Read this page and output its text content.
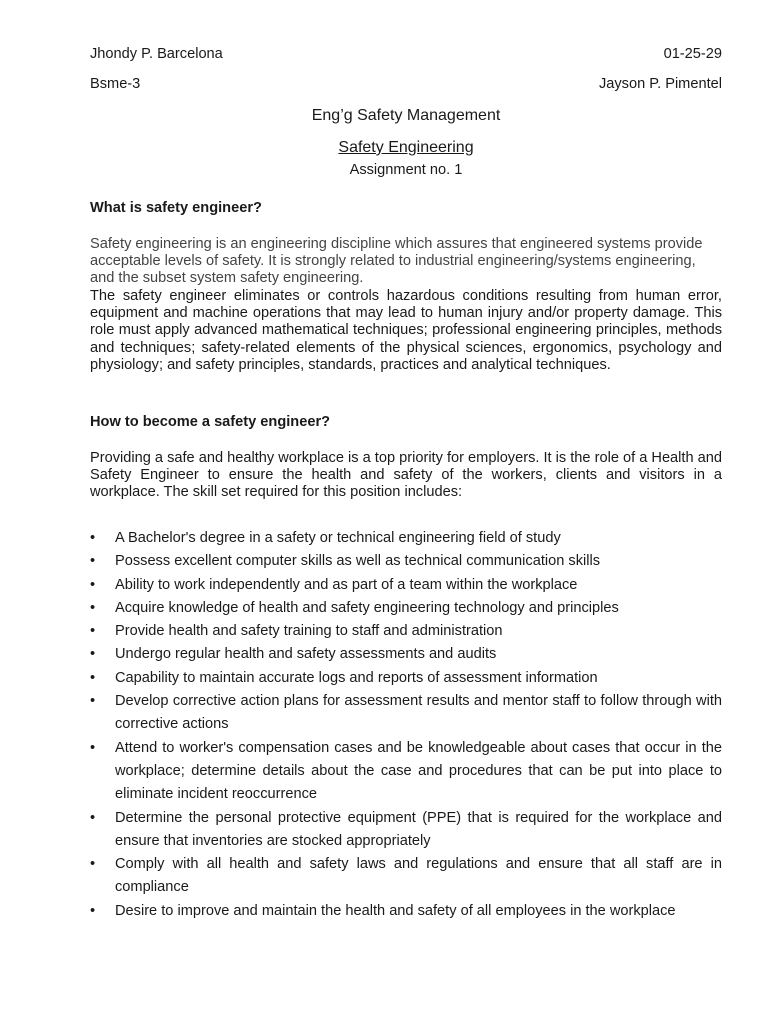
Jhondy P. Barcelona	01-25-29
Bsme-3	Jayson P. Pimentel
Eng’g Safety Management
Safety Engineering
Assignment no. 1
What is safety engineer?

Safety engineering is an engineering discipline which assures that engineered systems provide acceptable levels of safety. It is strongly related to industrial engineering/systems engineering, and the subset system safety engineering.

The safety engineer eliminates or controls hazardous conditions resulting from human error, equipment and machine operations that may lead to human injury and/or property damage. This role must apply advanced mathematical techniques; professional engineering principles, methods and techniques; safety-related elements of the physical sciences, ergonomics, psychology and physiology; and safety principles, standards, practices and analytical techniques.

How to become a safety engineer?

Providing a safe and healthy workplace is a top priority for employers. It is the role of a Health and Safety Engineer to ensure the health and safety of the workers, clients and visitors in a workplace. The skill set required for this position includes:

• A Bachelor's degree in a safety or technical engineering field of study
• Possess excellent computer skills as well as technical communication skills
• Ability to work independently and as part of a team within the workplace
• Acquire knowledge of health and safety engineering technology and principles
• Provide health and safety training to staff and administration
• Undergo regular health and safety assessments and audits
• Capability to maintain accurate logs and reports of assessment information
• Develop corrective action plans for assessment results and mentor staff to follow through with corrective actions
• Attend to worker's compensation cases and be knowledgeable about cases that occur in the workplace; determine details about the case and procedures that can be put into place to eliminate incident reoccurrence
• Determine the personal protective equipment (PPE) that is required for the workplace and ensure that inventories are stocked appropriately
• Comply with all health and safety laws and regulations and ensure that all staff are in compliance
• Desire to improve and maintain the health and safety of all employees in the workplace
